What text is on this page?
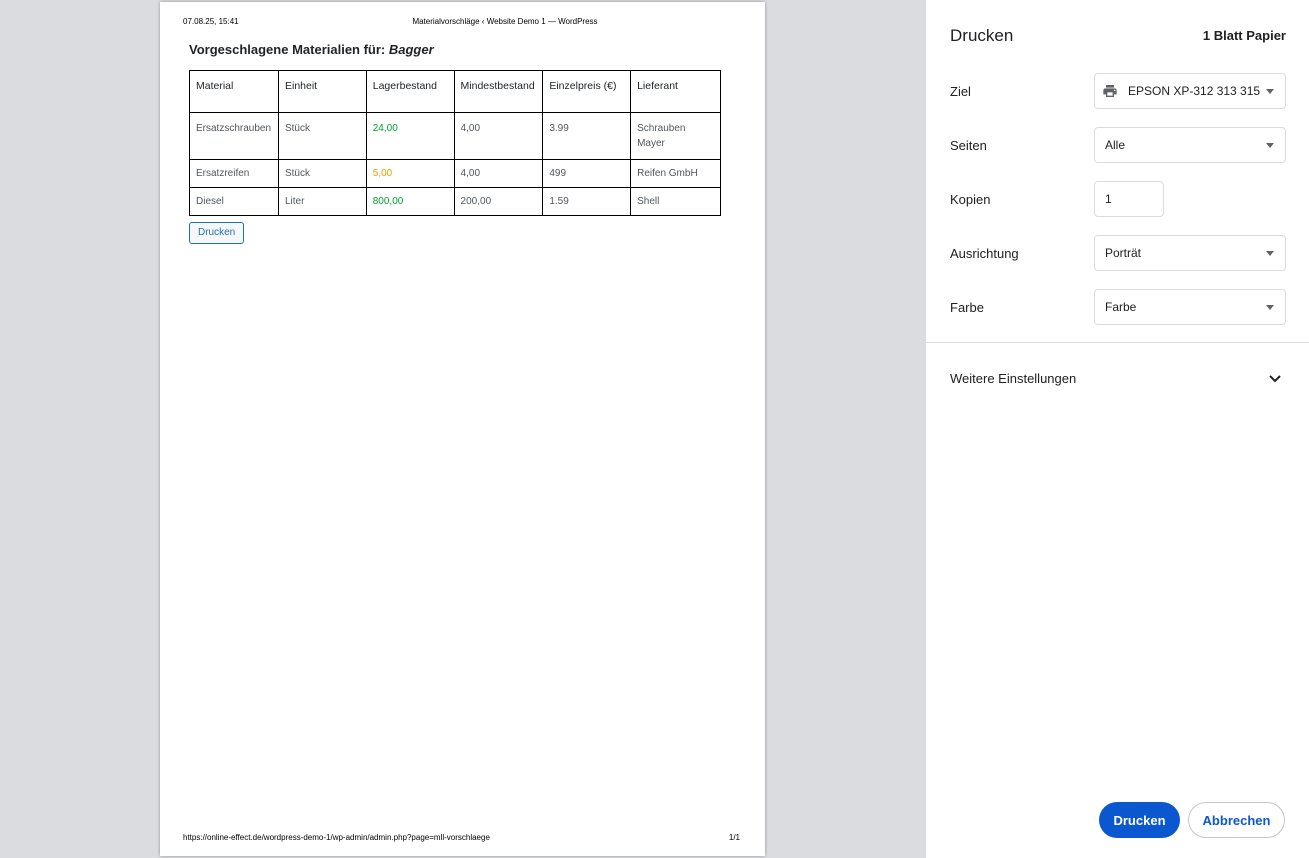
07.08.25, 15:41	Materialvorschläge ‹ Website Demo 1 — WordPress
Vorgeschlagene Materialien für: Bagger
Material	Einheit	Lagerbestand	Mindestbestand	Einzelpreis (€)	Lieferant
Ersatzschrauben	Stück	24,00	4,00	3.99	Schrauben Mayer
Ersatzreifen	Stück	5,00	4,00	499	Reifen GmbH
Diesel	Liter	800,00	200,00	1.59	Shell
Drucken
https://online-effect.de/wordpress-demo-1/wp-admin/admin.php?page=mll-vorschlaege	1/1
Drucken	1 Blatt Papier
Ziel	EPSON XP-312 313 315
Seiten	Alle
Kopien
1
Ausrichtung	Porträt
Farbe	Farbe
Weitere Einstellungen
Drucken	Abbrechen
